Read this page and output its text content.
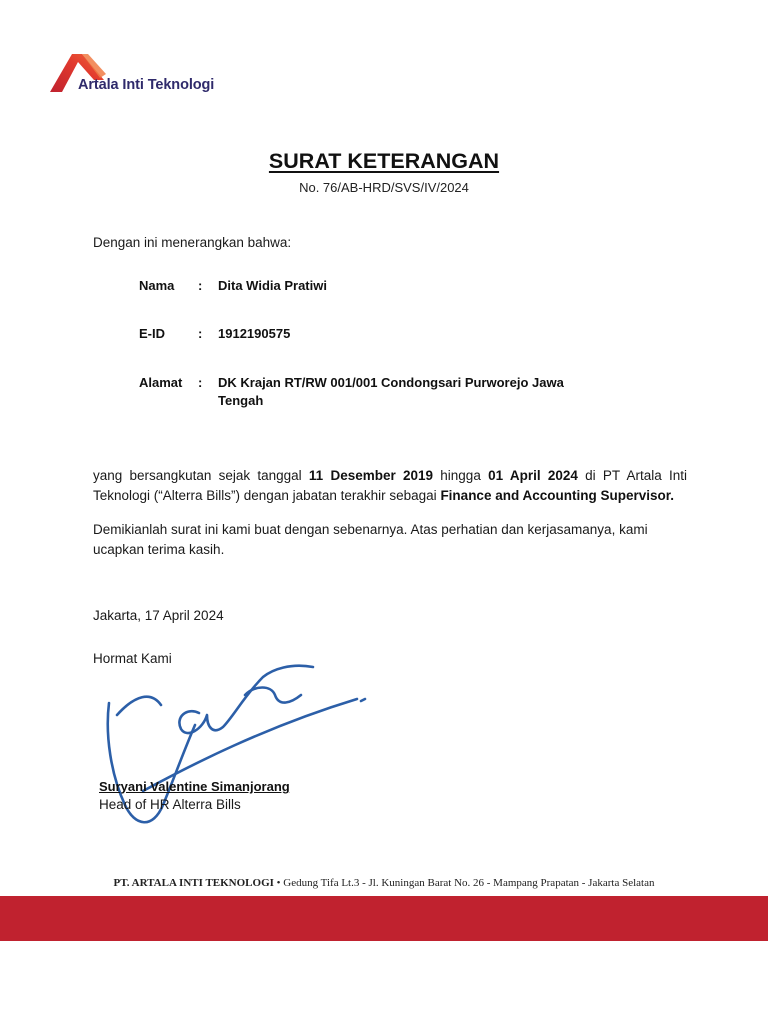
Artala Inti Teknologi
SURAT KETERANGAN
No. 76/AB-HRD/SVS/IV/2024
Dengan ini menerangkan bahwa:
Nama : Dita Widia Pratiwi
E-ID	: 1912190575
Alamat : DK Krajan RT/RW 001/001 Condongsari Purworejo Jawa Tengah
yang bersangkutan sejak tanggal 11 Desember 2019 hingga 01 April 2024 di PT Artala Inti Teknologi (“Alterra Bills”) dengan jabatan terakhir sebagai Finance and Accounting Supervisor.
Demikianlah surat ini kami buat dengan sebenarnya. Atas perhatian dan kerjasamanya, kami ucapkan terima kasih.
Jakarta, 17 April 2024
Hormat Kami
Suryani Valentine Simanjorang
Head of HR Alterra Bills
PT. ARTALA INTI TEKNOLOGI • Gedung Tifa Lt.3 - Jl. Kuningan Barat No. 26 - Mampang Prapatan - Jakarta Selatan
